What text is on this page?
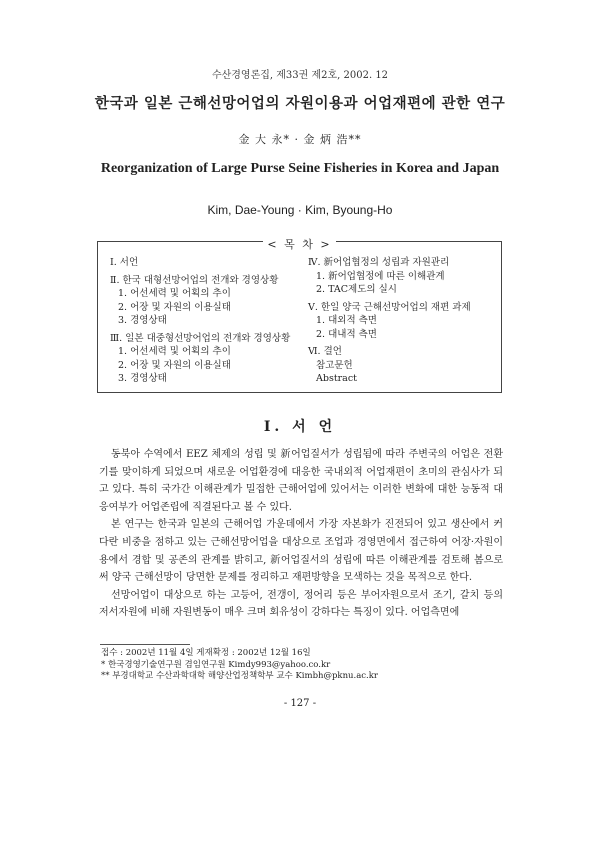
수산경영론집, 제33권 제2호, 2002. 12
한국과 일본 근해선망어업의 자원이용과 어업재편에 관한 연구
金 大 永* · 金 炳 浩**
Reorganization of Large Purse Seine Fisheries in Korea and Japan
Kim, Dae-Young · Kim, Byoung-Ho
< 목 차 >
Ⅰ. 서언
Ⅱ. 한국 대형선망어업의 전개와 경영상황
1. 어선세력 및 어획의 추이
2. 어장 및 자원의 이용실태
3. 경영상태
Ⅲ. 일본 대중형선망어업의 전개와 경영상황
1. 어선세력 및 어획의 추이
2. 어장 및 자원의 이용실태
3. 경영상태
Ⅳ. 新어업협정의 성립과 자원관리
1. 新어업협정에 따른 이해관계
2. TAC제도의 실시
Ⅴ. 한일 양국 근해선망어업의 재편 과제
1. 대외적 측면
2. 대내적 측면
Ⅵ. 결언
참고문헌
Abstract
Ⅰ. 서 언

동북아 수역에서 EEZ 체제의 성립 및 新어업질서가 성립됨에 따라 주변국의 어업은 전환기를 맞이하게 되었으며 새로운 어업환경에 대응한 국내외적 어업재편이 초미의 관심사가 되고 있다. 특히 국가간 이해관계가 밀접한 근해어업에 있어서는 이러한 변화에 대한 능동적 대응여부가 어업존립에 직결된다고 볼 수 있다.

본 연구는 한국과 일본의 근해어업 가운데에서 가장 자본화가 진전되어 있고 생산에서 커다란 비중을 점하고 있는 근해선망어업을 대상으로 조업과 경영면에서 접근하여 어장·자원이용에서 경합 및 공존의 관계를 밝히고, 新어업질서의 성립에 따른 이해관계를 검토해 봄으로써 양국 근해선망이 당면한 문제를 정리하고 재편방향을 모색하는 것을 목적으로 한다.

선망어업이 대상으로 하는 고등어, 전갱이, 정어리 등은 부어자원으로서 조기, 갈치 등의 저서자원에 비해 자원변동이 매우 크며 회유성이 강하다는 특징이 있다. 어업측면에

접수 : 2002년 11월 4일 게재확정 : 2002년 12월 16일
* 한국경영기술연구원 겸임연구원 Kimdy993@yahoo.co.kr
** 부경대학교 수산과학대학 해양산업정책학부 교수 Kimbh@pknu.ac.kr
- 127 -
